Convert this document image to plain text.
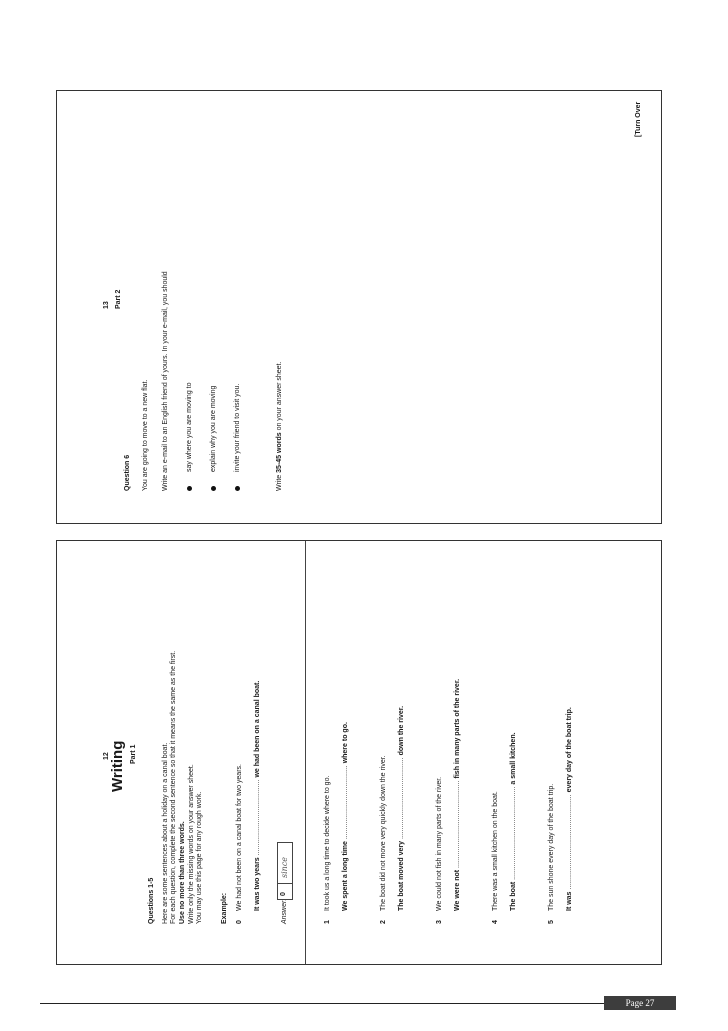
13 Part 2
Question 6 You are going to move to a new flat. Write an e-mail to an English friend of yours. In your e-mail, you should say where you are moving to explain why you are moving invite your friend to visit you.
Write 35-45 words on your answer sheet.
[Turn Over
12 Writing Part 1
Questions 1-5 Here are some sentences about a holiday on a canal boat. For each question, complete the second sentence so that it means the same as the first. Use no more than three words. Write only the missing words on your answer sheet. You may use this page for any rough work.	Example: 0
We had not been on a canal boat for two years. It was two years ....................................... we had been on a canal boat.
Answer:
0
since
1
It took us a long time to decide where to go. We spent a long time ...................................... where to go.
2
The boat did not move very quickly down the river. The boat moved very .......................................... down the river.
3
We could not fish in many parts of the river. We were not ............................................. fish in many parts of the river.
4
There was a small kitchen on the boat. The boat ................................................ a small kitchen.
5
The sun shone every day of the boat trip. It was ................................................. every day of the boat trip.
Page 27
